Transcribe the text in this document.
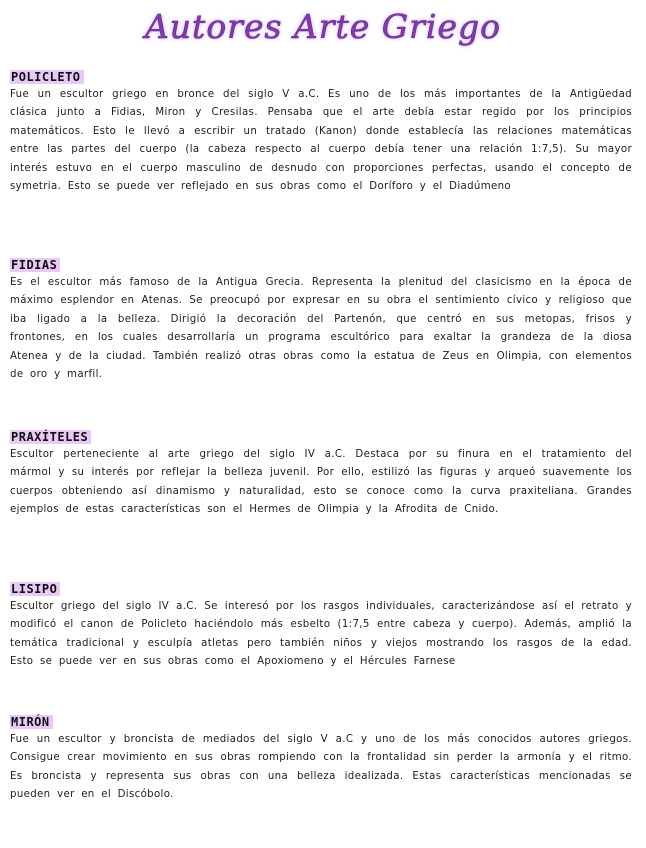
Autores Arte Griego
POLICLETO

Fue un escultor griego en bronce del siglo V a.C. Es uno de los más importantes de la Antigüedad clásica junto a Fidias, Miron y Cresilas. Pensaba que el arte debía estar regido por los principios matemáticos. Esto le llevó a escribir un tratado (Kanon) donde establecía las relaciones matemáticas entre las partes del cuerpo (la cabeza respecto al cuerpo debía tener una relación 1:7,5). Su mayor interés estuvo en el cuerpo masculino de desnudo con proporciones perfectas, usando el concepto de symetria. Esto se puede ver reflejado en sus obras como el Doríforo y el Diadúmeno

FIDIAS

Es el escultor más famoso de la Antigua Grecia. Representa la plenitud del clasicismo en la época de máximo esplendor en Atenas. Se preocupó por expresar en su obra el sentimiento cívico y religioso que iba ligado a la belleza. Dirigió la decoración del Partenón, que centró en sus metopas, frisos y frontones, en los cuales desarrollaría un programa escultórico para exaltar la grandeza de la diosa Atenea y de la ciudad. También realizó otras obras como la estatua de Zeus en Olimpia, con elementos de oro y marfil.

PRAXÍTELES

Escultor perteneciente al arte griego del siglo IV a.C. Destaca por su finura en el tratamiento del mármol y su interés por reflejar la belleza juvenil. Por ello, estilizó las figuras y arqueó suavemente los cuerpos obteniendo así dinamismo y naturalidad, esto se conoce como la curva praxiteliana. Grandes ejemplos de estas características son el Hermes de Olimpia y la Afrodita de Cnido.

LISIPO

Escultor griego del siglo IV a.C. Se interesó por los rasgos individuales, caracterizándose así el retrato y modificó el canon de Policleto haciéndolo más esbelto (1:7,5 entre cabeza y cuerpo). Además, amplió la temática tradicional y esculpía atletas pero también niños y viejos mostrando los rasgos de la edad. Esto se puede ver en sus obras como el Apoxiomeno y el Hércules Farnese

MIRÓN

Fue un escultor y broncista de mediados del siglo V a.C y uno de los más conocidos autores griegos. Consigue crear movimiento en sus obras rompiendo con la frontalidad sin perder la armonía y el ritmo. Es broncista y representa sus obras con una belleza idealizada. Estas características mencionadas se pueden ver en el Discóbolo.
